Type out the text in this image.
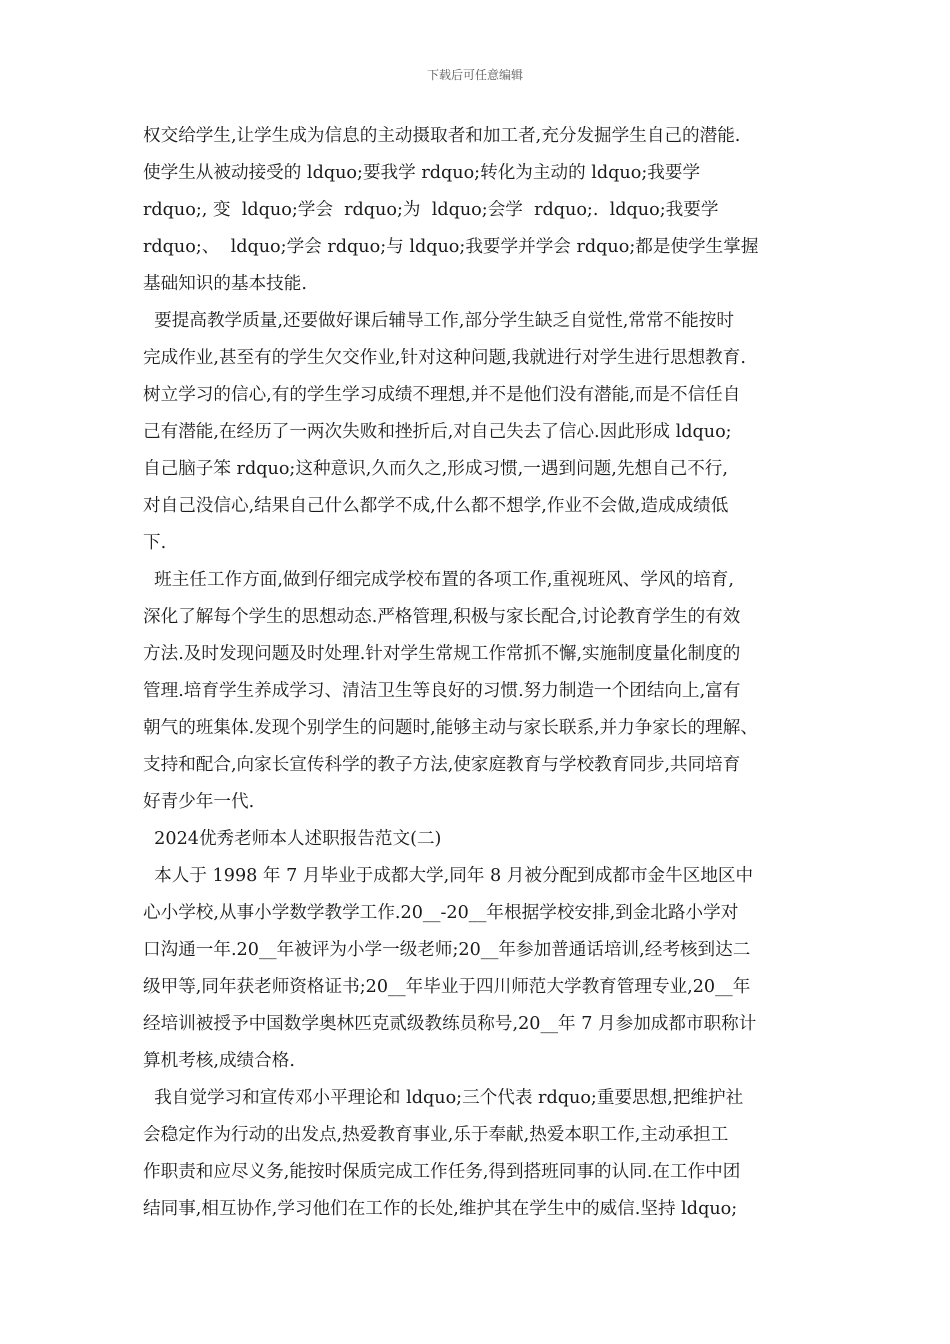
下载后可任意编辑
权交给学生,让学生成为信息的主动摄取者和加工者,充分发掘学生自己的潜能.
使学生从被动接受的 ldquo;要我学 rdquo;转化为主动的 ldquo;我要学
rdquo;, 变  ldquo;学会  rdquo;为  ldquo;会学  rdquo;.  ldquo;我要学
rdquo;、  ldquo;学会 rdquo;与 ldquo;我要学并学会 rdquo;都是使学生掌握
基础知识的基本技能.
要提高教学质量,还要做好课后辅导工作,部分学生缺乏自觉性,常常不能按时
完成作业,甚至有的学生欠交作业,针对这种问题,我就进行对学生进行思想教育.
树立学习的信心,有的学生学习成绩不理想,并不是他们没有潜能,而是不信任自
己有潜能,在经历了一两次失败和挫折后,对自己失去了信心.因此形成 ldquo;
自己脑子笨 rdquo;这种意识,久而久之,形成习惯,一遇到问题,先想自己不行,
对自己没信心,结果自己什么都学不成,什么都不想学,作业不会做,造成成绩低
下.
班主任工作方面,做到仔细完成学校布置的各项工作,重视班风、学风的培育,
深化了解每个学生的思想动态.严格管理,积极与家长配合,讨论教育学生的有效
方法.及时发现问题及时处理.针对学生常规工作常抓不懈,实施制度量化制度的
管理.培育学生养成学习、清洁卫生等良好的习惯.努力制造一个团结向上,富有
朝气的班集体.发现个别学生的问题时,能够主动与家长联系,并力争家长的理解、
支持和配合,向家长宣传科学的教子方法,使家庭教育与学校教育同步,共同培育
好青少年一代.
2024优秀老师本人述职报告范文(二)
本人于 1998 年 7 月毕业于成都大学,同年 8 月被分配到成都市金牛区地区中
心小学校,从事小学数学教学工作.20__-20__年根据学校安排,到金北路小学对
口沟通一年.20__年被评为小学一级老师;20__年参加普通话培训,经考核到达二
级甲等,同年获老师资格证书;20__年毕业于四川师范大学教育管理专业,20__年
经培训被授予中国数学奥林匹克贰级教练员称号,20__年 7 月参加成都市职称计
算机考核,成绩合格.
我自觉学习和宣传邓小平理论和 ldquo;三个代表 rdquo;重要思想,把维护社
会稳定作为行动的出发点,热爱教育事业,乐于奉献,热爱本职工作,主动承担工
作职责和应尽义务,能按时保质完成工作任务,得到搭班同事的认同.在工作中团
结同事,相互协作,学习他们在工作的长处,维护其在学生中的威信.坚持 ldquo;
